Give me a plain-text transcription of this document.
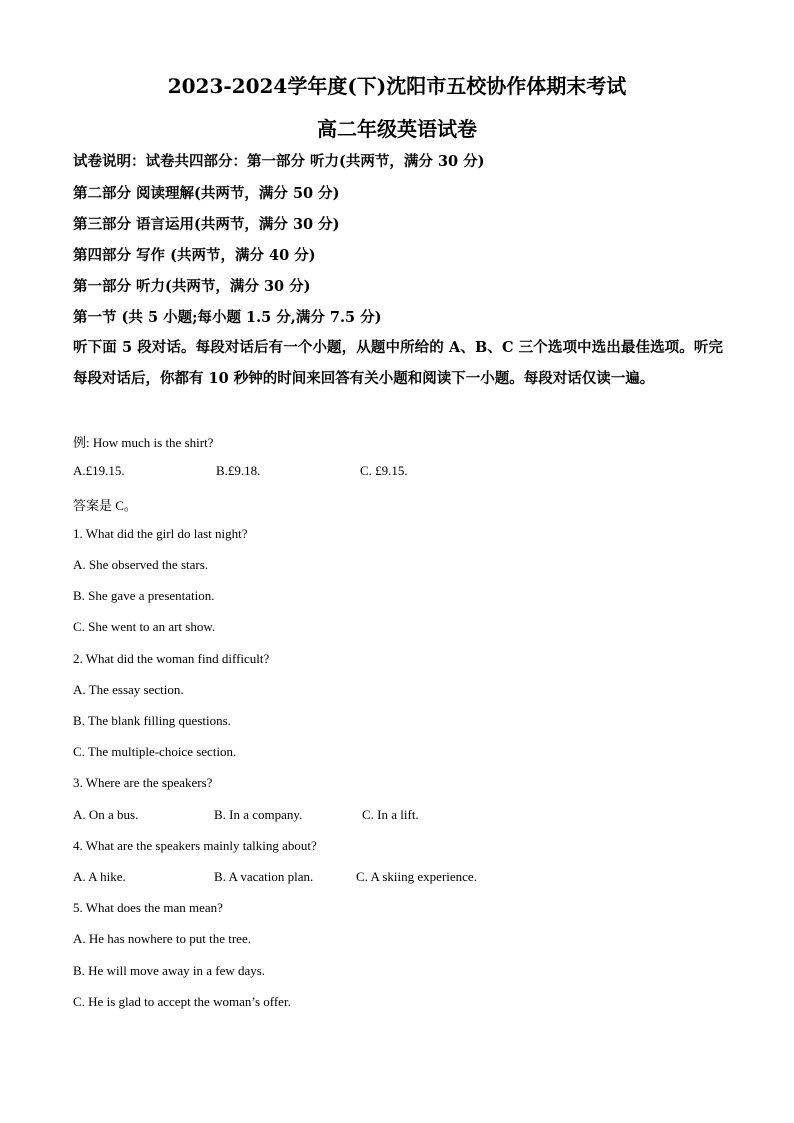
2023-2024学年度(下)沈阳市五校协作体期末考试
高二年级英语试卷
试卷说明：试卷共四部分：第一部分 听力(共两节，满分 30 分)
第二部分 阅读理解(共两节，满分 50 分)
第三部分 语言运用(共两节，满分 30 分)
第四部分 写作 (共两节，满分 40 分)
第一部分 听力(共两节，满分 30 分)
第一节 (共 5 小题;每小题 1.5 分,满分 7.5 分)
听下面 5 段对话。每段对话后有一个小题，从题中所给的 A、B、C 三个选项中选出最佳选项。听完每段对话后，你都有 10 秒钟的时间来回答有关小题和阅读下一小题。每段对话仅读一遍。
例: How much is the shirt?
A.£19.15.	B.£9.18.	C. £9.15.
答案是 C。
1. What did the girl do last night?
A. She observed the stars.
B. She gave a presentation.
C. She went to an art show.
2. What did the woman find difficult?
A. The essay section.
B. The blank filling questions.
C. The multiple-choice section.
3. Where are the speakers?
A. On a bus.	B. In a company.	C. In a lift.
4. What are the speakers mainly talking about?
A. A hike.	B. A vacation plan.	C. A skiing experience.
5. What does the man mean?
A. He has nowhere to put the tree.
B. He will move away in a few days.
C. He is glad to accept the woman’s offer.
